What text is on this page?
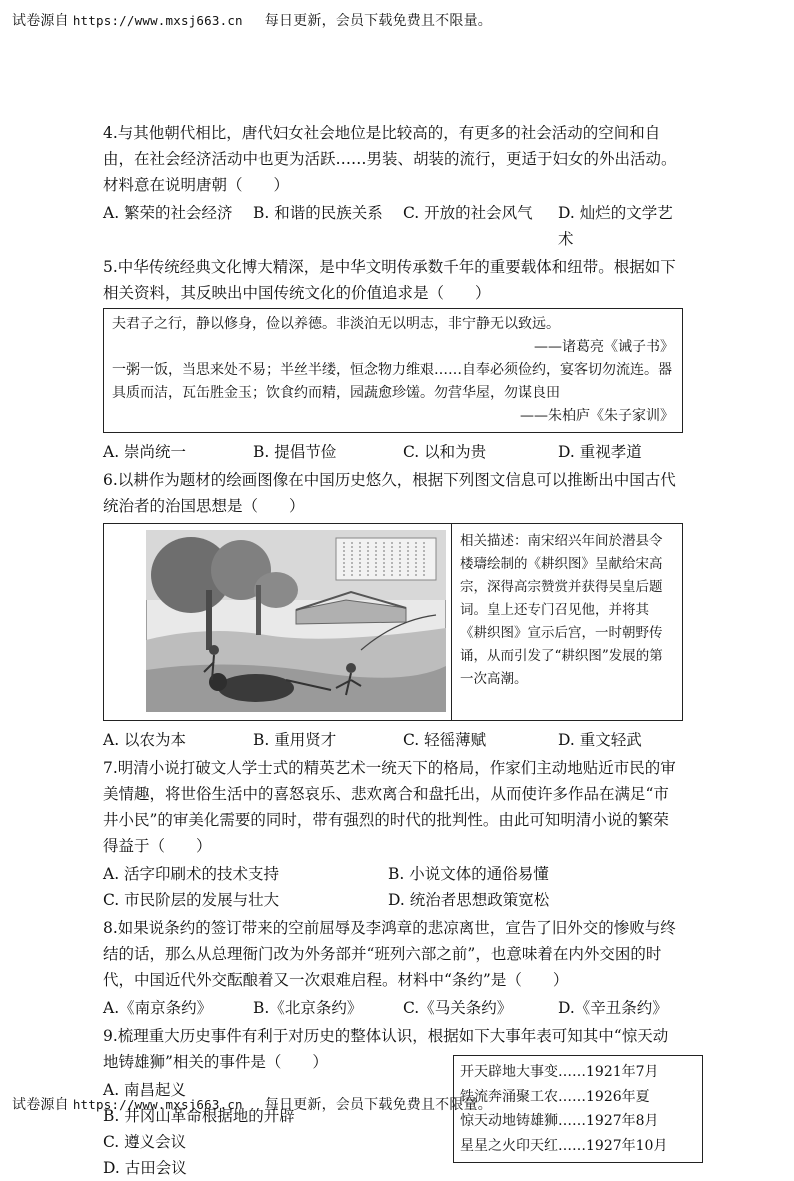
试卷源自 https://www.mxsj663.cn 每日更新，会员下载免费且不限量。

4.与其他朝代相比，唐代妇女社会地位是比较高的，有更多的社会活动的空间和自由，在社会经济活动中也更为活跃……男装、胡装的流行，更适于妇女的外出活动。材料意在说明唐朝（　　）

A. 繁荣的社会经济	B. 和谐的民族关系	C. 开放的社会风气	D. 灿烂的文学艺术

5.中华传统经典文化博大精深，是中华文明传承数千年的重要载体和纽带。根据如下相关资料，其反映出中国传统文化的价值追求是（　　）

夫君子之行，静以修身，俭以养德。非淡泊无以明志，非宁静无以致远。
——诸葛亮《诫子书》
一粥一饭，当思来处不易；半丝半缕，恒念物力维艰……自奉必须俭约，宴客切勿流连。器具质而洁，瓦缶胜金玉；饮食约而精，园蔬愈珍馐。勿营华屋，勿谋良田
——朱柏庐《朱子家训》
A. 崇尚统一	B. 提倡节俭	C. 以和为贵	D. 重视孝道

6.以耕作为题材的绘画图像在中国历史悠久，根据下列图文信息可以推断出中国古代统治者的治国思想是（　　）

相关描述：南宋绍兴年间於潜县令楼璹绘制的《耕织图》呈献给宋高宗，深得高宗赞赏并获得吴皇后题词。皇上还专门召见他，并将其《耕织图》宣示后宫，一时朝野传诵，从而引发了“耕织图”发展的第一次高潮。
A. 以农为本	B. 重用贤才	C. 轻徭薄赋	D. 重文轻武

7.明清小说打破文人学士式的精英艺术一统天下的格局，作家们主动地贴近市民的审美情趣，将世俗生活中的喜怒哀乐、悲欢离合和盘托出，从而使许多作品在满足“市井小民”的审美化需要的同时，带有强烈的时代的批判性。由此可知明清小说的繁荣得益于（　　）

A. 活字印刷术的技术支持	B. 小说文体的通俗易懂
C. 市民阶层的发展与壮大	D. 统治者思想政策宽松

8.如果说条约的签订带来的空前屈辱及李鸿章的悲凉离世，宣告了旧外交的惨败与终结的话，那么从总理衙门改为外务部并“班列六部之前”，也意味着在内外交困的时代，中国近代外交酝酿着又一次艰难启程。材料中“条约”是（　　）

A.《南京条约》	B.《北京条约》	C.《马关条约》	D.《辛丑条约》

9.梳理重大历史事件有利于对历史的整体认识，根据如下大事年表可知其中“惊天动地铸雄狮”相关的事件是（　　）

A. 南昌起义
B. 井冈山革命根据地的开辟
C. 遵义会议
D. 古田会议
开天辟地大事变……1921年7月
铁流奔涌聚工农……1926年夏
惊天动地铸雄狮……1927年8月
星星之火印天红……1927年10月
试卷源自 https://www.mxsj663.cn 每日更新，会员下载免费且不限量。
